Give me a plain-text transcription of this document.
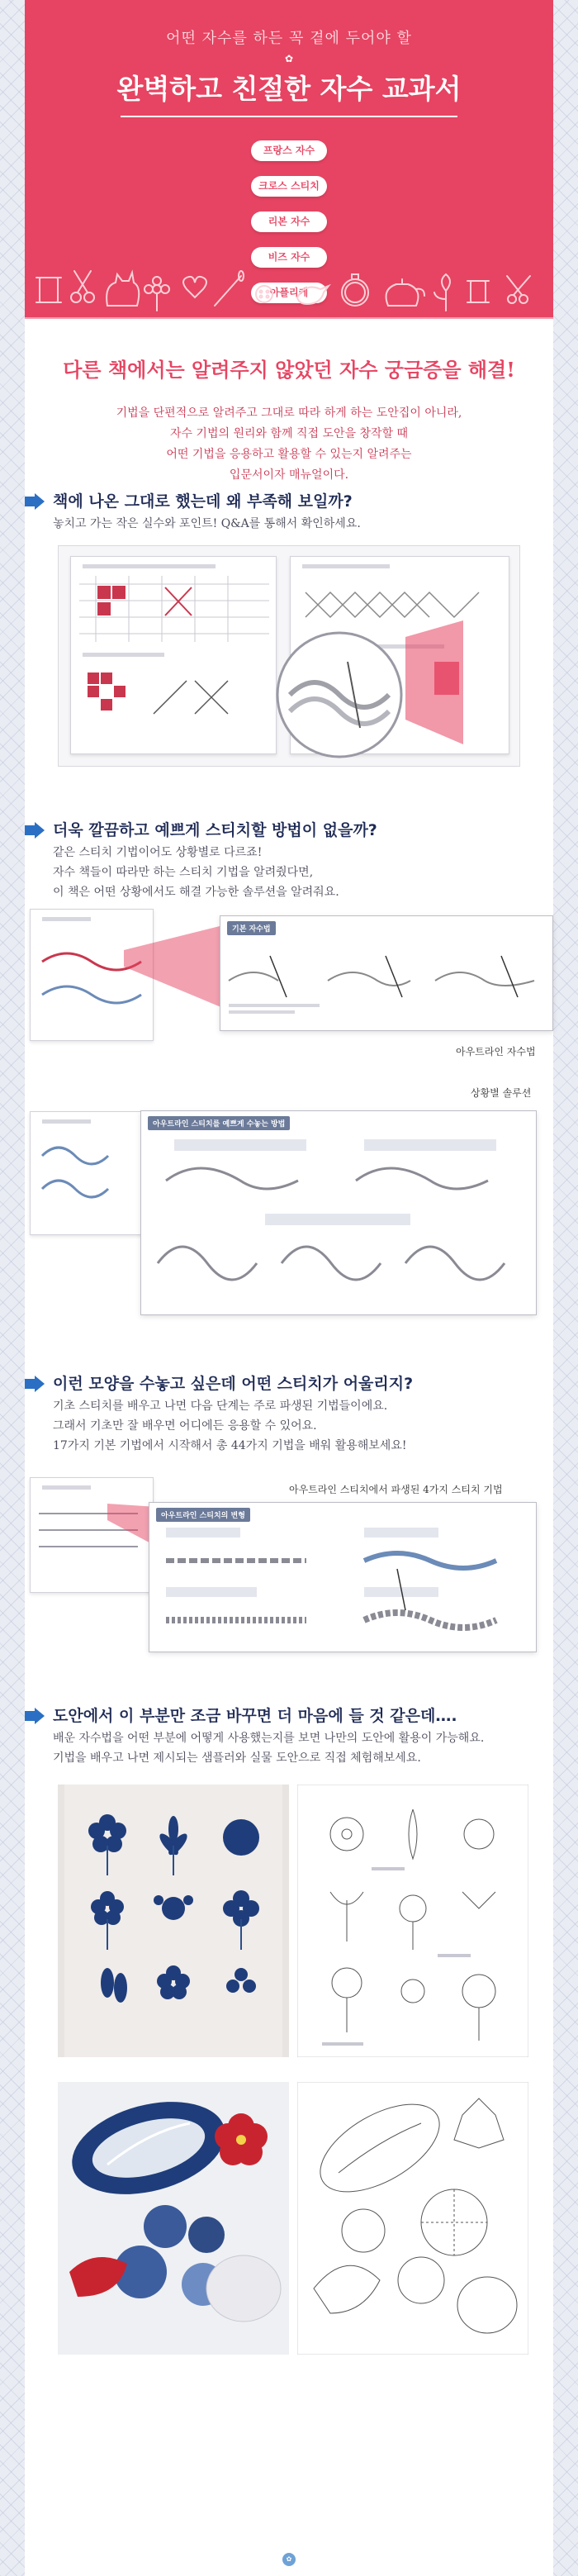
어떤 자수를 하든 꼭 곁에 두어야 할
✿
완벽하고 친절한 자수 교과서
프랑스 자수
크로스 스티치
리본 자수
비즈 자수
아플리케
다른 책에서는 알려주지 않았던 자수 궁금증을 해결!

기법을 단편적으로 알려주고 그대로 따라 하게 하는 도안집이 아니라,

자수 기법의 원리와 함께 직접 도안을 창작할 때

어떤 기법을 응용하고 활용할 수 있는지 알려주는

입문서이자 매뉴얼이다.

책에 나온 그대로 했는데 왜 부족해 보일까?

놓치고 가는 작은 실수와 포인트! Q&A를 통해서 확인하세요.

더욱 깔끔하고 예쁘게 스티치할 방법이 없을까?

같은 스티치 기법이어도 상황별로 다르죠!

자수 책들이 따라만 하는 스티치 기법을 알려줬다면,

이 책은 어떤 상황에서도 해결 가능한 솔루션을 알려줘요.

기본 자수법
아우트라인 자수법
상황별 솔루션
아우트라인 스티치를 예쁘게 수놓는 방법
이런 모양을 수놓고 싶은데 어떤 스티치가 어울리지?

기초 스티치를 배우고 나면 다음 단계는 주로 파생된 기법들이에요.

그래서 기초만 잘 배우면 어디에든 응용할 수 있어요.

17가지 기본 기법에서 시작해서 총 44가지 기법을 배워 활용해보세요!

아우트라인 스티치에서 파생된 4가지 스티치 기법
아우트라인 스티치의 변형
도안에서 이 부분만 조금 바꾸면 더 마음에 들 것 같은데….

배운 자수법을 어떤 부분에 어떻게 사용했는지를 보면 나만의 도안에 활용이 가능해요.

기법을 배우고 나면 제시되는 샘플러와 실물 도안으로 직접 체험해보세요.

✿
